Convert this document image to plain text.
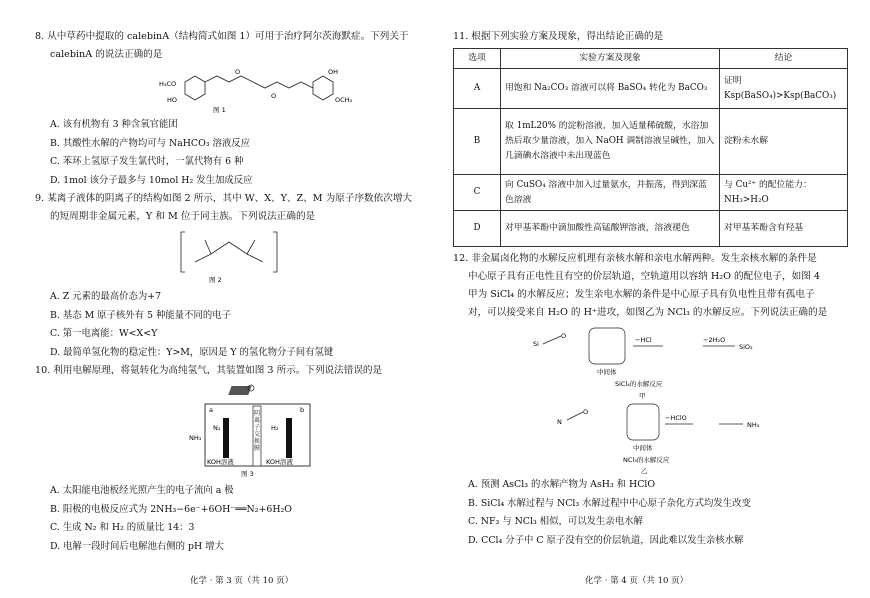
8. 从中草药中提取的 calebinA（结构简式如图 1）可用于治疗阿尔茨海默症。下列关于

calebinA 的说法正确的是

H₃CO
HO
OH
OCH₃
O
O
图 1

A. 该有机物有 3 种含氧官能团

B. 其酸性水解的产物均可与 NaHCO₃ 溶液反应

C. 苯环上氢原子发生氯代时，一氯代物有 6 种

D. 1mol 该分子最多与 10mol H₂ 发生加成反应

9. 某离子液体的阴离子的结构如图 2 所示，其中 W、X、Y、Z、M 为原子序数依次增大

的短周期非金属元素，Y 和 M 位于同主族。下列说法正确的是

图 2

A. Z 元素的最高价态为+7

B. 基态 M 原子核外有 5 种能量不同的电子

C. 第一电离能：W<X<Y

D. 最简单氢化物的稳定性：Y>M，原因是 Y 的氢化物分子间有氢键

10. 利用电解原理，将氨转化为高纯氢气，其装置如图 3 所示。下列说法错误的是

a	b
N₂	H₂
NH₃
KOH溶液	KOH溶液
图 3
阴离子交换膜

A. 太阳能电池板经光照产生的电子流向 a 极

B. 阳极的电极反应式为 2NH₃−6e⁻+6OH⁻══N₂+6H₂O

C. 生成 N₂ 和 H₂ 的质量比 14：3

D. 电解一段时间后电解池右侧的 pH 增大

化学 · 第 3 页（共 10 页）

11. 根据下列实验方案及现象，得出结论正确的是

选项	实验方案及现象	结论
A	用饱和 Na₂CO₃ 溶液可以将 BaSO₄ 转化为 BaCO₃	证明 Ksp(BaSO₄)>Ksp(BaCO₃)
B	取 1mL20% 的淀粉溶液，加入适量稀硫酸，水浴加热后取少量溶液，加入 NaOH 调制溶液呈碱性，加入几滴碘水溶液中未出现蓝色	淀粉未水解
C	向 CuSO₄ 溶液中加入过量氨水，并振荡，得到深蓝色溶液	与 Cu²⁺ 的配位能力：NH₃>H₂O
D	对甲基苯酚中滴加酸性高锰酸钾溶液，溶液褪色	对甲基苯酚含有羟基

12. 非金属卤化物的水解反应机理有亲核水解和亲电水解两种。发生亲核水解的条件是

中心原子具有正电性且有空的价层轨道，空轨道用以容纳 H₂O 的配位电子，如图 4

甲为 SiCl₄ 的水解反应；发生亲电水解的条件是中心原子具有负电性且带有孤电子

对，可以接受来自 H₂O 的 H⁺进攻，如图乙为 NCl₃ 的水解反应。下列说法正确的是

Si
O	−HCl	−2H₂O
SiO₂
中间体
SiCl₄的水解反应
甲
N
O
−HClO
NH₃
中间体
NCl₃的水解反应
乙

A. 预测 AsCl₃ 的水解产物为 AsH₃ 和 HClO

B. SiCl₄ 水解过程与 NCl₃ 水解过程中中心原子杂化方式均发生改变

C. NF₃ 与 NCl₃ 相似，可以发生亲电水解

D. CCl₄ 分子中 C 原子没有空的价层轨道，因此难以发生亲核水解

化学 · 第 4 页（共 10 页）
